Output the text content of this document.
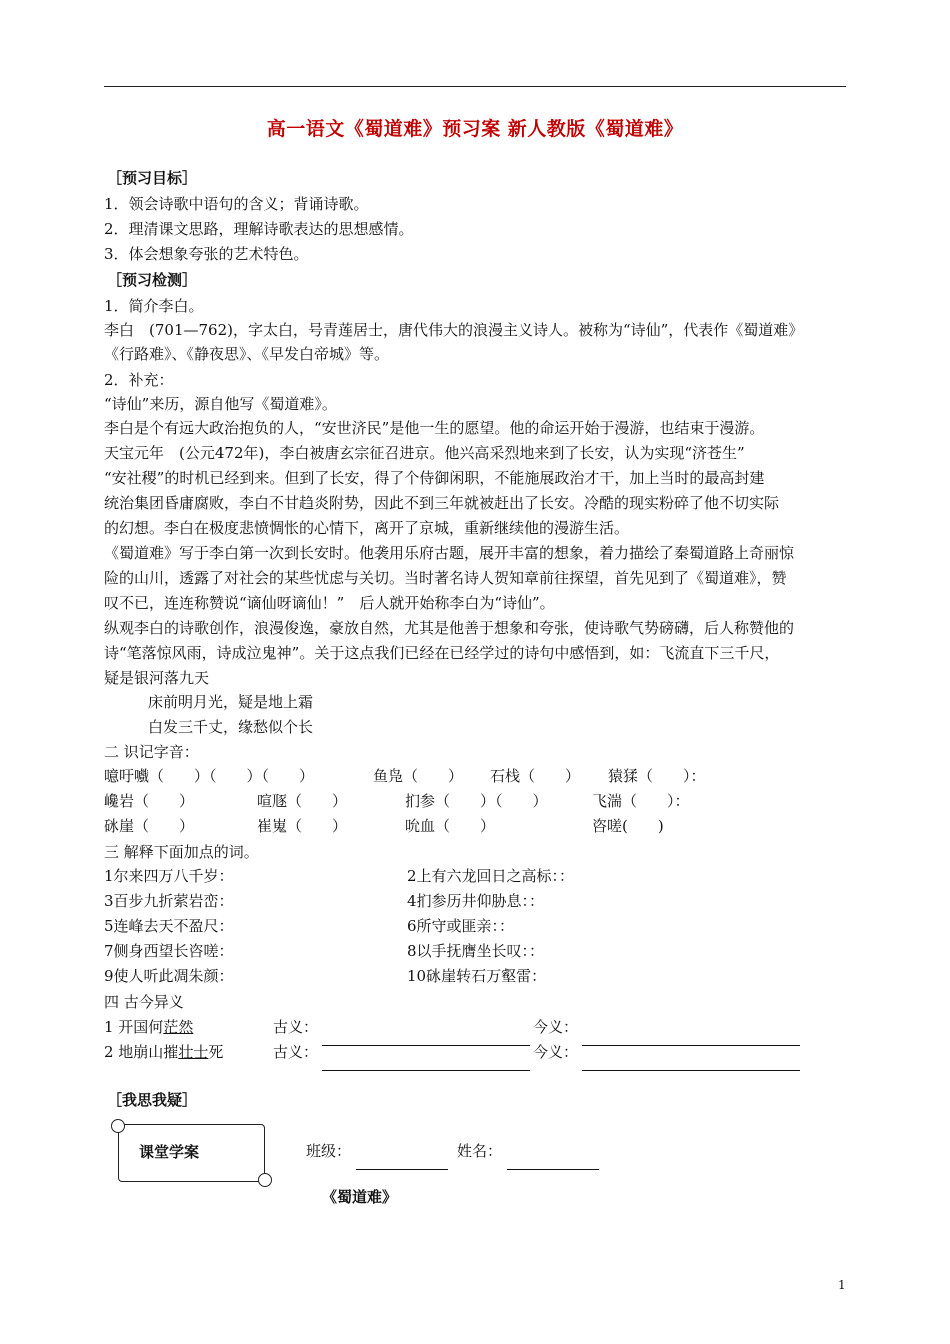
高一语文《蜀道难》预习案 新人教版《蜀道难》
［预习目标］
1．领会诗歌中语句的含义；背诵诗歌。
2．理清课文思路，理解诗歌表达的思想感情。
3．体会想象夸张的艺术特色。
［预习检测］
1．简介李白。
李白　(701—762)，字太白，号青莲居士，唐代伟大的浪漫主义诗人。被称为“诗仙”，代表作《蜀道难》
《行路难》、《静夜思》、《早发白帝城》等。
2．补充：
“诗仙”来历，源自他写《蜀道难》。
李白是个有远大政治抱负的人，“安世济民”是他一生的愿望。他的命运开始于漫游，也结束于漫游。
天宝元年　(公元472年)，李白被唐玄宗征召进京。他兴高采烈地来到了长安，认为实现“济苍生”
“安社稷”的时机已经到来。但到了长安，得了个侍御闲职，不能施展政治才干，加上当时的最高封建
统治集团昏庸腐败，李白不甘趋炎附势，因此不到三年就被赶出了长安。冷酷的现实粉碎了他不切实际
的幻想。李白在极度悲愤惆怅的心情下，离开了京城，重新继续他的漫游生活。
《蜀道难》写于李白第一次到长安时。他袭用乐府古题，展开丰富的想象，着力描绘了秦蜀道路上奇丽惊
险的山川，透露了对社会的某些忧虑与关切。当时著名诗人贺知章前往探望，首先见到了《蜀道难》，赞
叹不已，连连称赞说“谪仙呀谪仙！”　后人就开始称李白为“诗仙”。
纵观李白的诗歌创作，浪漫俊逸，豪放自然，尤其是他善于想象和夸张，使诗歌气势磅礴，后人称赞他的
诗“笔落惊风雨，诗成泣鬼神”。关于这点我们已经在已经学过的诗句中感悟到，如：飞流直下三千尺，
疑是银河落九天
床前明月光，疑是地上霜
白发三千丈，缘愁似个长
二 识记字音：
噫吁嚱（　　）（　　）（　　）	鱼凫（　　） 石栈（　　） 猿猱（　　）：
巉岩（　　）	喧豗（　　）	扪参（　　）（　　）	飞湍（　　）：
砯崖（　　）	崔嵬（　　）	吮血（　　）	咨嗟(　　)
三 解释下面加点的词。
1尔来四万八千岁：	2上有六龙回日之高标：：
3百步九折萦岩峦：	4扪参历井仰胁息：：
5连峰去天不盈尺：	6所守或匪亲：：
7侧身西望长咨嗟：	8以手抚膺坐长叹：：
9使人听此凋朱颜：	10砯崖转石万壑雷：
四 古今异义
1 开国何茫然	古义：	今义：
2 地崩山摧壮士死	古义：	今义：
［我思我疑］
课堂学案	班级：	姓名：
《蜀道难》
1
